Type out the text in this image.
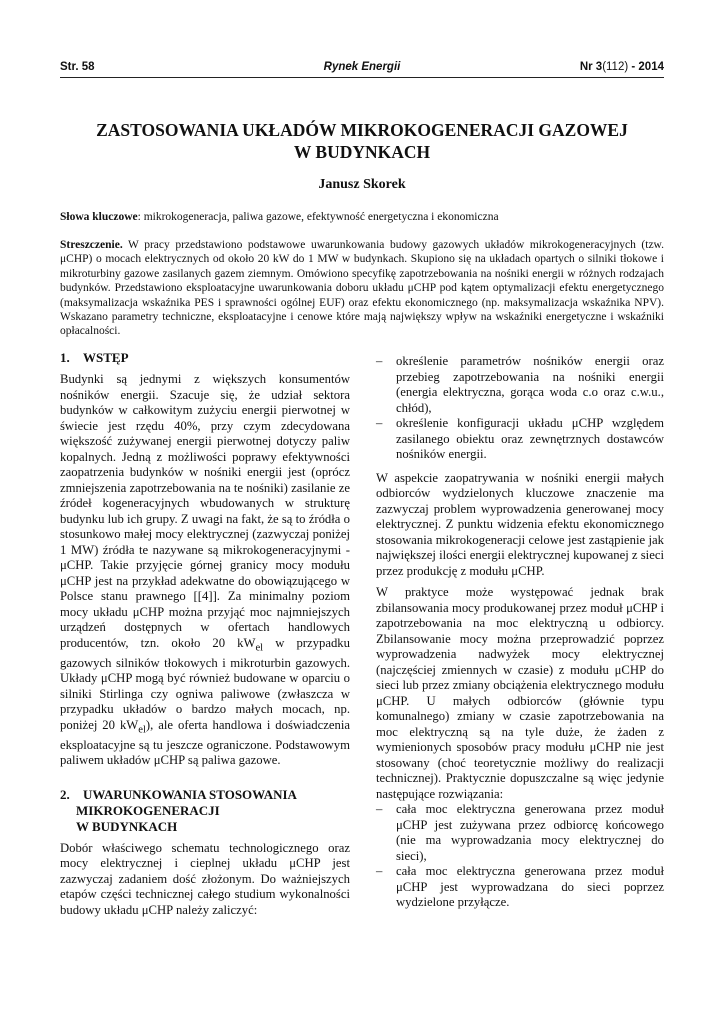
Str. 58	Rynek Energii	Nr 3(112) - 2014
ZASTOSOWANIA UKŁADÓW MIKROKOGENERACJI GAZOWEJ
W BUDYNKACH

Janusz Skorek

Słowa kluczowe: mikrokogeneracja, paliwa gazowe, efektywność energetyczna i ekonomiczna

Streszczenie. W pracy przedstawiono podstawowe uwarunkowania budowy gazowych układów mikrokogeneracyjnych (tzw. μCHP) o mocach elektrycznych od około 20 kW do 1 MW w budynkach. Skupiono się na układach opartych o silniki tłokowe i mikroturbiny gazowe zasilanych gazem ziemnym. Omówiono specyfikę zapotrzebowania na nośniki energii w różnych rodzajach budynków. Przedstawiono eksploatacyjne uwarunkowania doboru układu μCHP pod kątem optymalizacji efektu energetycznego (maksymalizacja wskaźnika PES i sprawności ogólnej EUF) oraz efektu ekonomicznego (np. maksymalizacja wskaźnika NPV). Wskazano parametry techniczne, eksploatacyjne i cenowe które mają największy wpływ na wskaźniki energetyczne i wskaźniki opłacalności.

1. WSTĘP

Budynki są jednymi z większych konsumentów nośników energii. Szacuje się, że udział sektora budynków w całkowitym zużyciu energii pierwotnej w świecie jest rzędu 40%, przy czym zdecydowana większość zużywanej energii pierwotnej dotyczy paliw kopalnych. Jedną z możliwości poprawy efektywności zaopatrzenia budynków w nośniki energii jest (oprócz zmniejszenia zapotrzebowania na te nośniki) zasilanie ze źródeł kogeneracyjnych wbudowanych w strukturę budynku lub ich grupy. Z uwagi na fakt, że są to źródła o stosunkowo małej mocy elektrycznej (zazwyczaj poniżej 1 MW) źródła te nazywane są mikrokogeneracyjnymi - μCHP. Takie przyjęcie górnej granicy mocy modułu μCHP jest na przykład adekwatne do obowiązującego w Polsce stanu prawnego [[4]]. Za minimalny poziom mocy układu μCHP można przyjąć moc najmniejszych urządzeń dostępnych w ofertach handlowych producentów, tzn. około 20 $kW_{el}$ w przypadku gazowych silników tłokowych i mikroturbin gazowych. Układy μCHP mogą być również budowane w oparciu o silniki Stirlinga czy ogniwa paliwowe (zwłaszcza w przypadku układów o bardzo małych mocach, np. poniżej 20 $kW_{el}$), ale oferta handlowa i doświadczenia eksploatacyjne są tu jeszcze ograniczone. Podstawowym paliwem układów μCHP są paliwa gazowe.

2. UWARUNKOWANIA STOSOWANIA
MIKROKOGENERACJI
W BUDYNKACH

Dobór właściwego schematu technologicznego oraz mocy elektrycznej i cieplnej układu μCHP jest zazwyczaj zadaniem dość złożonym. Do ważniejszych etapów części technicznej całego studium wykonalności budowy układu μCHP należy zaliczyć:

– określenie parametrów nośników energii oraz przebieg zapotrzebowania na nośniki energii (energia elektryczna, gorąca woda c.o oraz c.w.u., chłód),
– określenie konfiguracji układu μCHP względem zasilanego obiektu oraz zewnętrznych dostawców nośników energii.

W aspekcie zaopatrywania w nośniki energii małych odbiorców wydzielonych kluczowe znaczenie ma zazwyczaj problem wyprowadzenia generowanej mocy elektrycznej. Z punktu widzenia efektu ekonomicznego stosowania mikrokogeneracji celowe jest zastąpienie jak największej ilości energii elektrycznej kupowanej z sieci przez produkcję z modułu μCHP.

W praktyce może występować jednak brak zbilansowania mocy produkowanej przez moduł μCHP i zapotrzebowania na moc elektryczną u odbiorcy. Zbilansowanie mocy można przeprowadzić poprzez wyprowadzenia nadwyżek mocy elektrycznej (najczęściej zmiennych w czasie) z modułu μCHP do sieci lub przez zmiany obciążenia elektrycznego modułu μCHP. U małych odbiorców (głównie typu komunalnego) zmiany w czasie zapotrzebowania na moc elektryczną są na tyle duże, że żaden z wymienionych sposobów pracy modułu μCHP nie jest stosowany (choć teoretycznie możliwy do realizacji technicznej). Praktycznie dopuszczalne są więc jedynie następujące rozwiązania:

– cała moc elektryczna generowana przez moduł μCHP jest zużywana przez odbiorcę końcowego (nie ma wyprowadzania mocy elektrycznej do sieci),
– cała moc elektryczna generowana przez moduł μCHP jest wyprowadzana do sieci poprzez wydzielone przyłącze.
